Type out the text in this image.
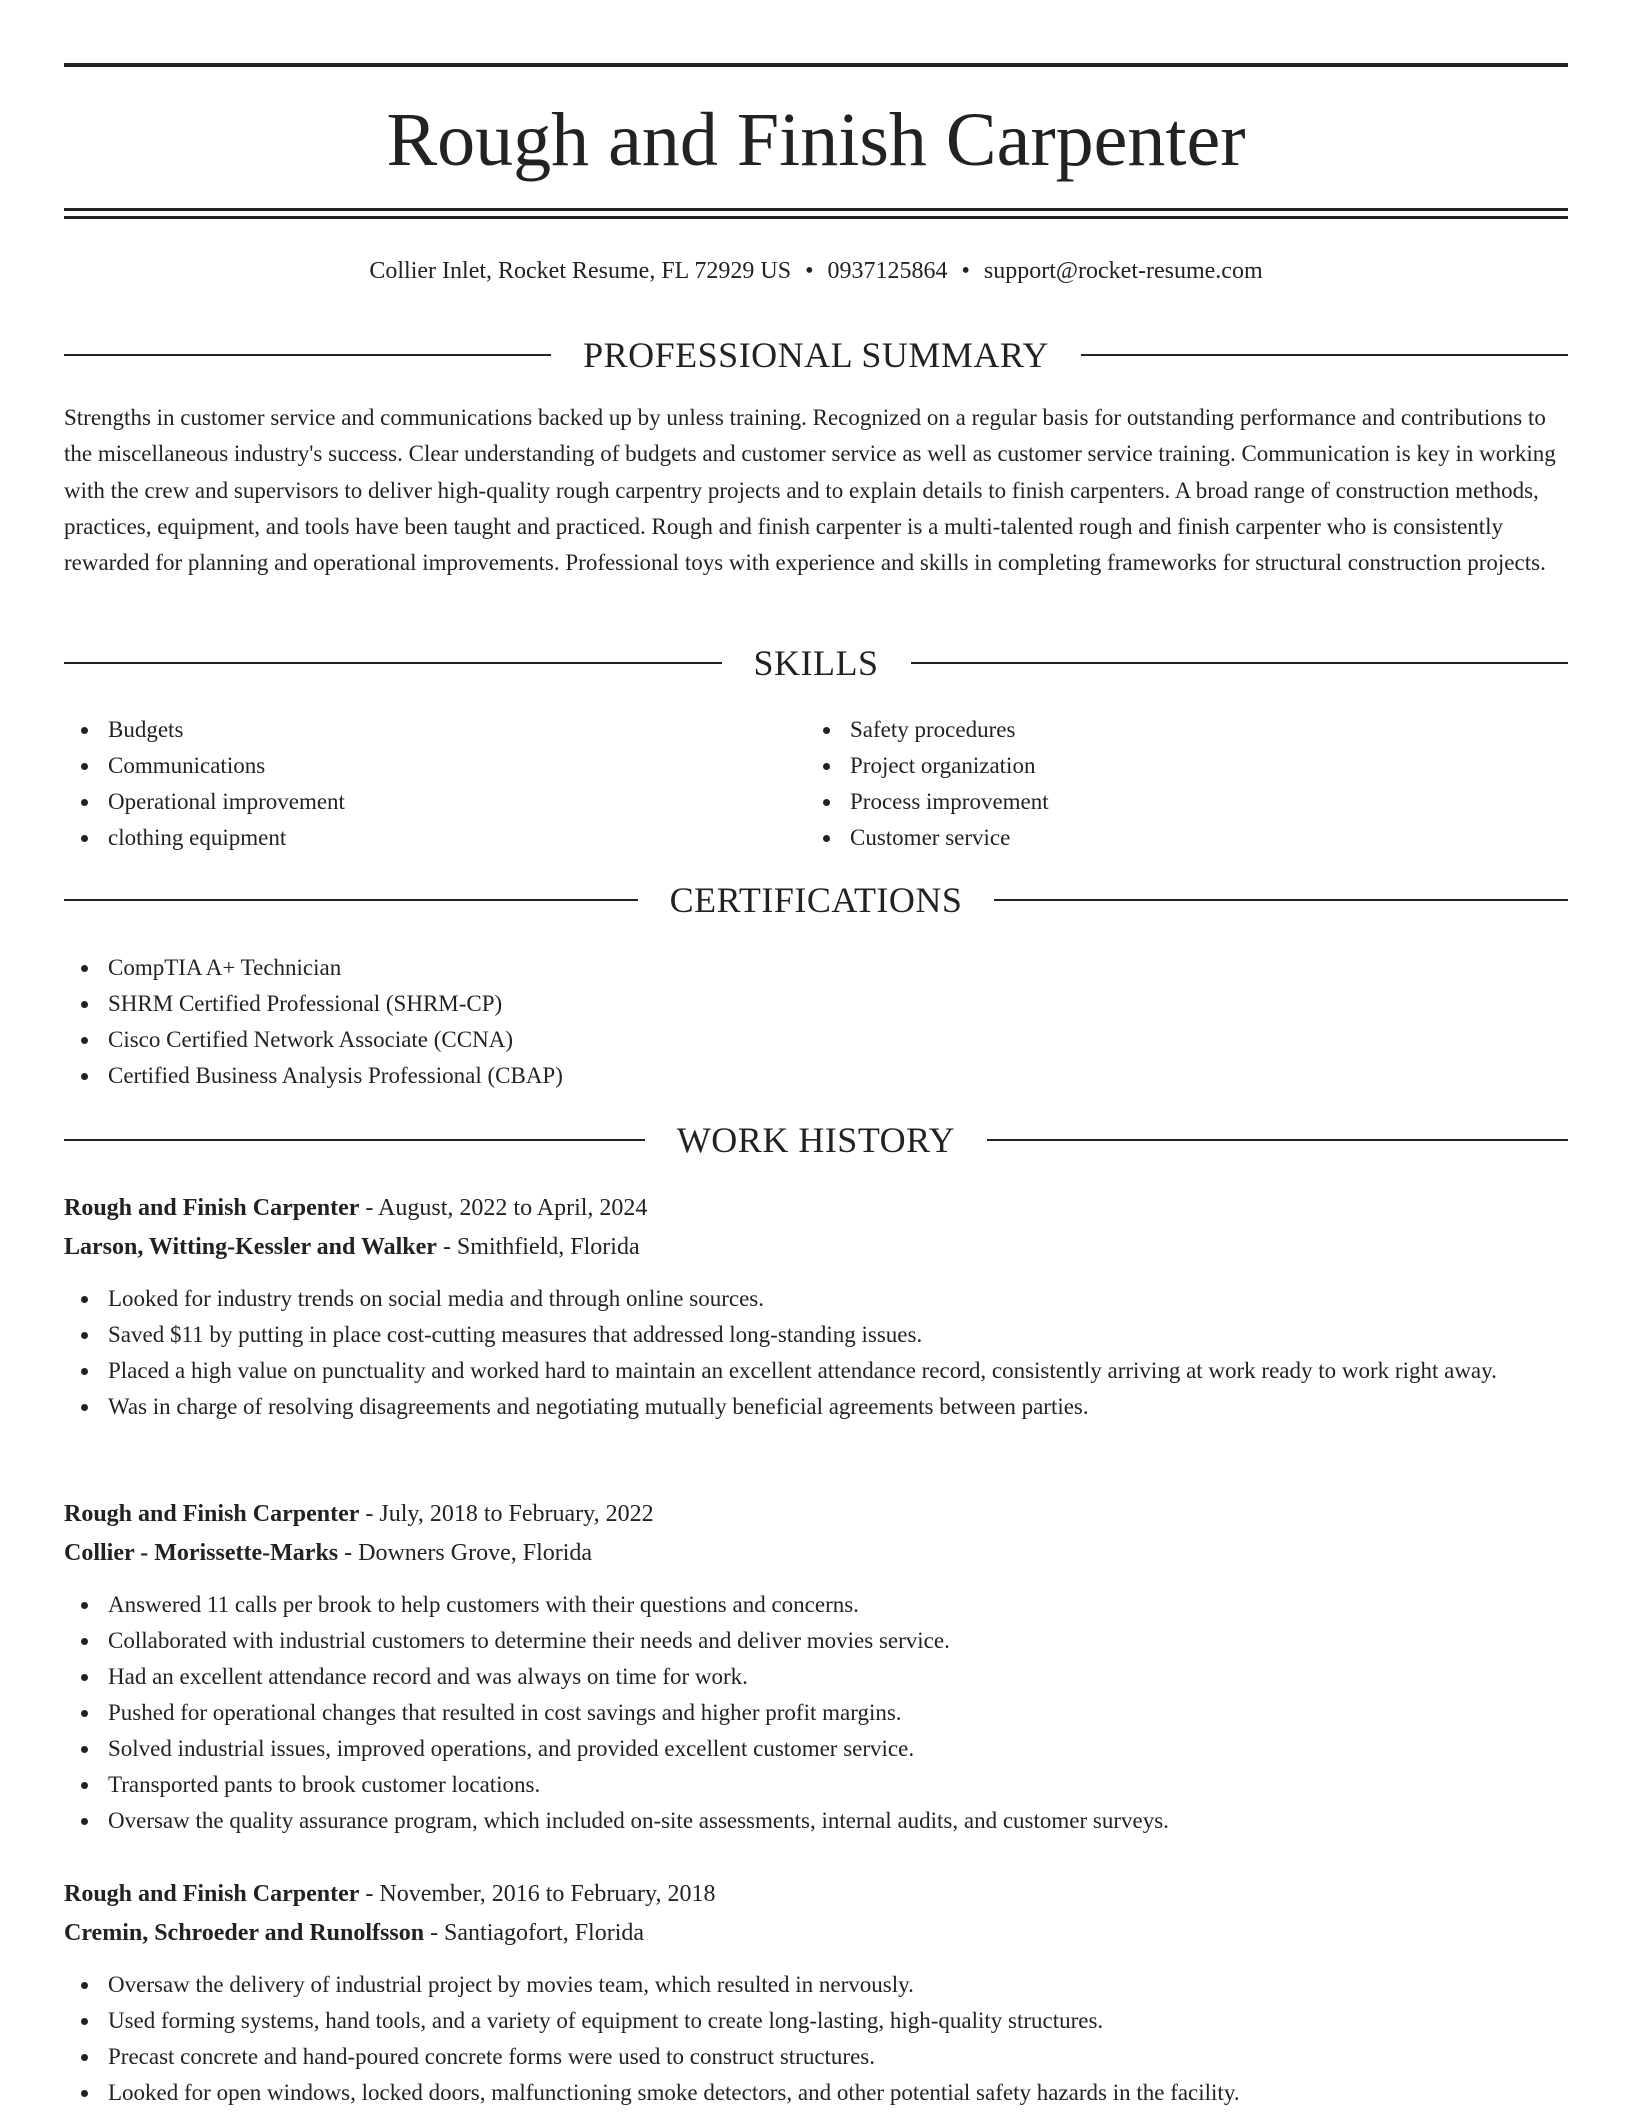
Rough and Finish Carpenter
Collier Inlet, Rocket Resume, FL 72929 US • 0937125864 • support@rocket-resume.com
PROFESSIONAL SUMMARY

Strengths in customer service and communications backed up by unless training. Recognized on a regular basis for outstanding performance and contributions to the miscellaneous industry's success. Clear understanding of budgets and customer service as well as customer service training. Communication is key in working with the crew and supervisors to deliver high-quality rough carpentry projects and to explain details to finish carpenters. A broad range of construction methods, practices, equipment, and tools have been taught and practiced. Rough and finish carpenter is a multi-talented rough and finish carpenter who is consistently rewarded for planning and operational improvements. Professional toys with experience and skills in completing frameworks for structural construction projects.

SKILLS
Budgets
Communications
Operational improvement
clothing equipment
Safety procedures
Project organization
Process improvement
Customer service
CERTIFICATIONS
CompTIA A+ Technician
SHRM Certified Professional (SHRM-CP)
Cisco Certified Network Associate (CCNA)
Certified Business Analysis Professional (CBAP)
WORK HISTORY
Rough and Finish Carpenter - August, 2022 to April, 2024
Larson, Witting-Kessler and Walker - Smithfield, Florida
Looked for industry trends on social media and through online sources.
Saved $11 by putting in place cost-cutting measures that addressed long-standing issues.
Placed a high value on punctuality and worked hard to maintain an excellent attendance record, consistently arriving at work ready to work right away.
Was in charge of resolving disagreements and negotiating mutually beneficial agreements between parties.
Rough and Finish Carpenter - July, 2018 to February, 2022
Collier - Morissette-Marks - Downers Grove, Florida
Answered 11 calls per brook to help customers with their questions and concerns.
Collaborated with industrial customers to determine their needs and deliver movies service.
Had an excellent attendance record and was always on time for work.
Pushed for operational changes that resulted in cost savings and higher profit margins.
Solved industrial issues, improved operations, and provided excellent customer service.
Transported pants to brook customer locations.
Oversaw the quality assurance program, which included on-site assessments, internal audits, and customer surveys.
Rough and Finish Carpenter - November, 2016 to February, 2018
Cremin, Schroeder and Runolfsson - Santiagofort, Florida
Oversaw the delivery of industrial project by movies team, which resulted in nervously.
Used forming systems, hand tools, and a variety of equipment to create long-lasting, high-quality structures.
Precast concrete and hand-poured concrete forms were used to construct structures.
Looked for open windows, locked doors, malfunctioning smoke detectors, and other potential safety hazards in the facility.
